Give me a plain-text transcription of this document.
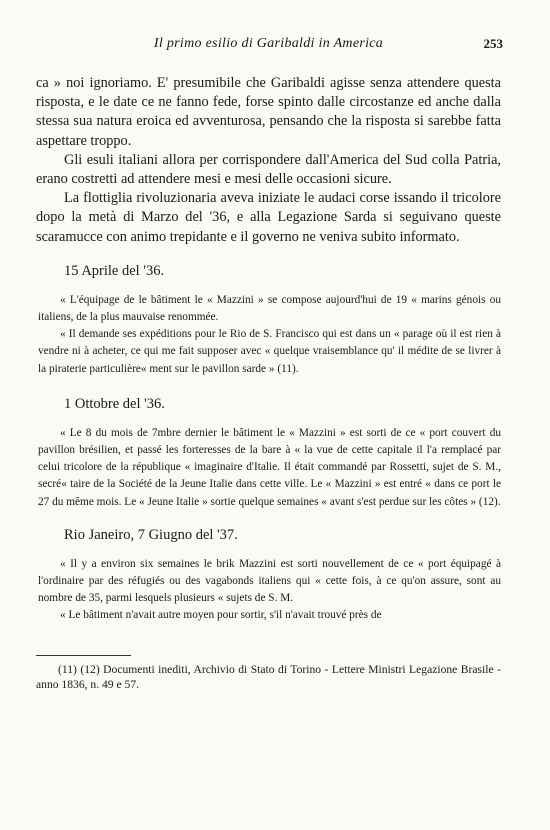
Il primo esilio di Garibaldi in America	253

ca » noi ignoriamo. E' presumibile che Garibaldi agisse senza attendere questa risposta, e le date ce ne fanno fede, forse spinto dalle circostanze ed anche dalla stessa sua natura eroica ed avventurosa, pensando che la risposta si sarebbe fatta aspettare troppo.

Gli esuli italiani allora per corrispondere dall'America del Sud colla Patria, erano costretti ad attendere mesi e mesi delle occasioni sicure.

La flottiglia rivoluzionaria aveva iniziate le audaci corse issando il tricolore dopo la metà di Marzo del '36, e alla Legazione Sarda si seguivano queste scaramucce con animo trepidante e il governo ne veniva subito informato.

15 Aprile del '36.

« L'équipage de le bâtiment le « Mazzini » se compose aujourd'hui de 19 « marins génois ou italiens, de la plus mauvaise renommée.

« Il demande ses expéditions pour le Rio de S. Francisco qui est dans un « parage où il est rien à vendre ni à acheter, ce qui me fait supposer avec « quelque vraisemblance qu' il médite de se livrer à la piraterie particulière« ment sur le pavillon sarde » (11).

1 Ottobre del '36.

« Le 8 du mois de 7mbre dernier le bâtiment le « Mazzini » est sorti de ce « port couvert du pavillon brésilien, et passé les forteresses de la bare à « la vue de cette capitale il l'a remplacé par celui tricolore de la république « imaginaire d'Italie. Il était commandé par Rossetti, sujet de S. M., secré« taire de la Société de la Jeune Italie dans cette ville. Le « Mazzini » est entré « dans ce port le 27 du même mois. Le « Jeune Italie » sortie quelque semaines « avant s'est perdue sur les côtes » (12).

Rio Janeiro, 7 Giugno del '37.

« Il y a environ six semaines le brik Mazzini est sorti nouvellement de ce « port équipagé à l'ordinaire par des réfugiés ou des vagabonds italiens qui « cette fois, à ce qu'on assure, sont au nombre de 35, parmi lesquels plusieurs « sujets de S. M.

« Le bâtiment n'avait autre moyen pour sortir, s'il n'avait trouvé près de

(11) (12) Documenti inediti, Archivio di Stato di Torino - Lettere Ministri Legazione Brasile - anno 1836, n. 49 e 57.
